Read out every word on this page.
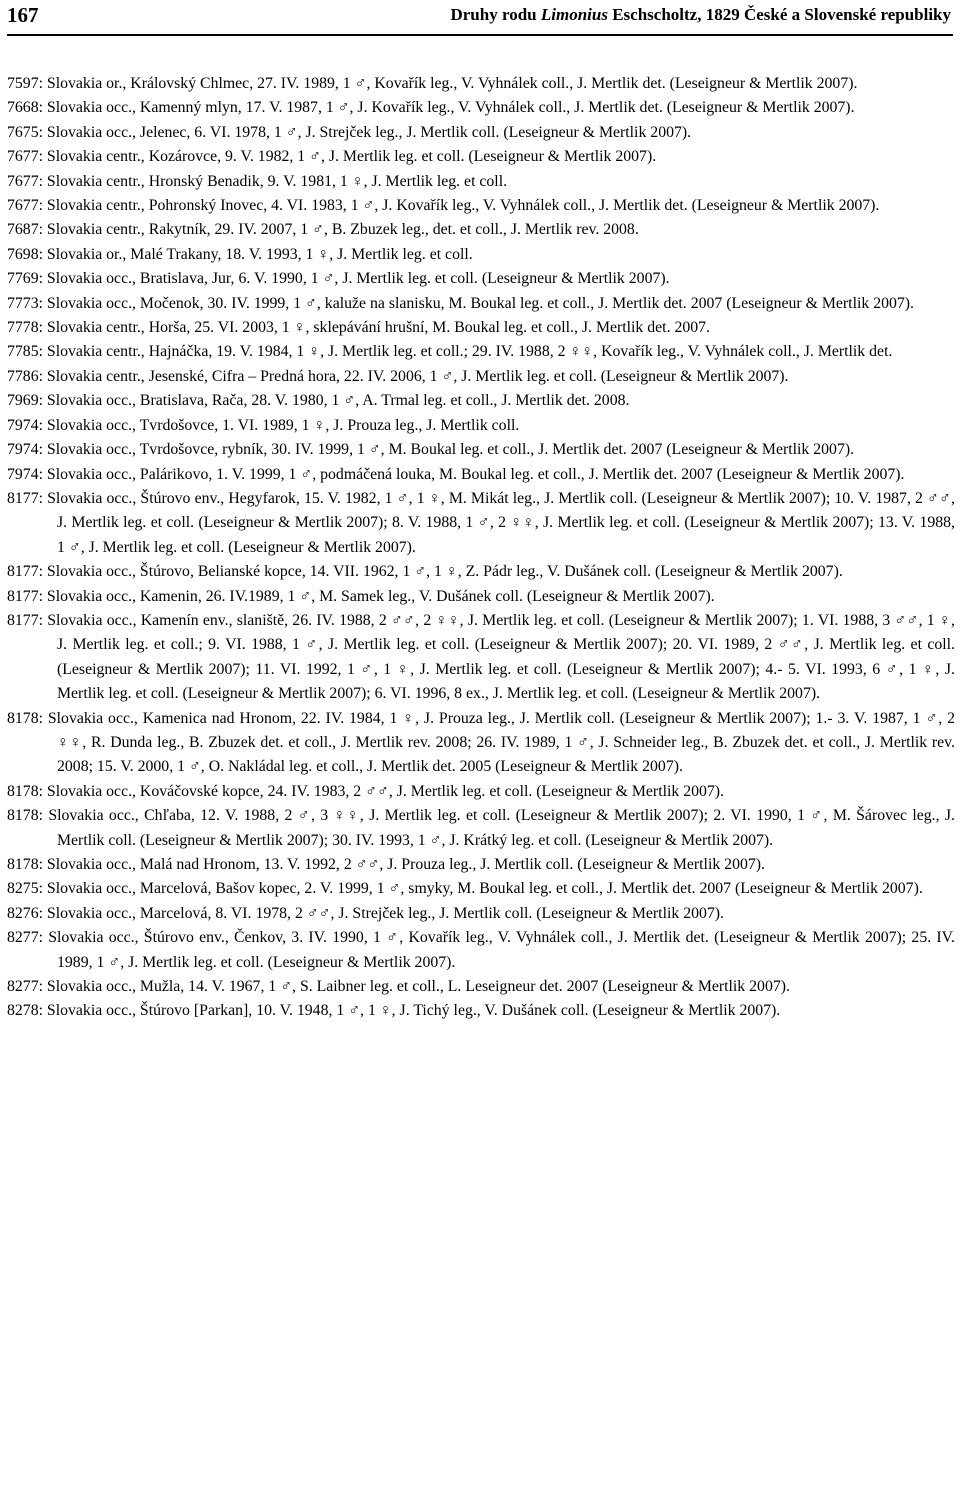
167	Druhy rodu Limonius Eschscholtz, 1829 České a Slovenské republiky

7597: Slovakia or., Královský Chlmec, 27. IV. 1989, 1 ♂, Kovařík leg., V. Vyhnálek coll., J. Mertlik det. (Leseigneur & Mertlik 2007).

7668: Slovakia occ., Kamenný mlyn, 17. V. 1987, 1 ♂, J. Kovařík leg., V. Vyhnálek coll., J. Mertlik det. (Leseigneur & Mertlik 2007).

7675: Slovakia occ., Jelenec, 6. VI. 1978, 1 ♂, J. Strejček leg., J. Mertlik coll. (Leseigneur & Mertlik 2007).

7677: Slovakia centr., Kozárovce, 9. V. 1982, 1 ♂, J. Mertlik leg. et coll. (Leseigneur & Mertlik 2007).

7677: Slovakia centr., Hronský Benadik, 9. V. 1981, 1 ♀, J. Mertlik leg. et coll.

7677: Slovakia centr., Pohronský Inovec, 4. VI. 1983, 1 ♂, J. Kovařík leg., V. Vyhnálek coll., J. Mertlik det. (Leseigneur & Mertlik 2007).

7687: Slovakia centr., Rakytník, 29. IV. 2007, 1 ♂, B. Zbuzek leg., det. et coll., J. Mertlik rev. 2008.

7698: Slovakia or., Malé Trakany, 18. V. 1993, 1 ♀, J. Mertlik leg. et coll.

7769: Slovakia occ., Bratislava, Jur, 6. V. 1990, 1 ♂, J. Mertlik leg. et coll. (Leseigneur & Mertlik 2007).

7773: Slovakia occ., Močenok, 30. IV. 1999, 1 ♂, kaluže na slanisku, M. Boukal leg. et coll., J. Mertlik det. 2007 (Leseigneur & Mertlik 2007).

7778: Slovakia centr., Horša, 25. VI. 2003, 1 ♀, sklepávání hrušní, M. Boukal leg. et coll., J. Mertlik det. 2007.

7785: Slovakia centr., Hajnáčka, 19. V. 1984, 1 ♀, J. Mertlik leg. et coll.; 29. IV. 1988, 2 ♀♀, Kovařík leg., V. Vyhnálek coll., J. Mertlik det.

7786: Slovakia centr., Jesenské, Cifra – Predná hora, 22. IV. 2006, 1 ♂, J. Mertlik leg. et coll. (Leseigneur & Mertlik 2007).

7969: Slovakia occ., Bratislava, Rača, 28. V. 1980, 1 ♂, A. Trmal leg. et coll., J. Mertlik det. 2008.

7974: Slovakia occ., Tvrdošovce, 1. VI. 1989, 1 ♀, J. Prouza leg., J. Mertlik coll.

7974: Slovakia occ., Tvrdošovce, rybník, 30. IV. 1999, 1 ♂, M. Boukal leg. et coll., J. Mertlik det. 2007 (Leseigneur & Mertlik 2007).

7974: Slovakia occ., Palárikovo, 1. V. 1999, 1 ♂, podmáčená louka, M. Boukal leg. et coll., J. Mertlik det. 2007 (Leseigneur & Mertlik 2007).

8177: Slovakia occ., Štúrovo env., Hegyfarok, 15. V. 1982, 1 ♂, 1 ♀, M. Mikát leg., J. Mertlik coll. (Leseigneur & Mertlik 2007); 10. V. 1987, 2 ♂♂, J. Mertlik leg. et coll. (Leseigneur & Mertlik 2007); 8. V. 1988, 1 ♂, 2 ♀♀, J. Mertlik leg. et coll. (Leseigneur & Mertlik 2007); 13. V. 1988, 1 ♂, J. Mertlik leg. et coll. (Leseigneur & Mertlik 2007).

8177: Slovakia occ., Štúrovo, Belianské kopce, 14. VII. 1962, 1 ♂, 1 ♀, Z. Pádr leg., V. Dušánek coll. (Leseigneur & Mertlik 2007).

8177: Slovakia occ., Kamenin, 26. IV.1989, 1 ♂, M. Samek leg., V. Dušánek coll. (Leseigneur & Mertlik 2007).

8177: Slovakia occ., Kamenín env., slaniště, 26. IV. 1988, 2 ♂♂, 2 ♀♀, J. Mertlik leg. et coll. (Leseigneur & Mertlik 2007); 1. VI. 1988, 3 ♂♂, 1 ♀, J. Mertlik leg. et coll.; 9. VI. 1988, 1 ♂, J. Mertlik leg. et coll. (Leseigneur & Mertlik 2007); 20. VI. 1989, 2 ♂♂, J. Mertlik leg. et coll. (Leseigneur & Mertlik 2007); 11. VI. 1992, 1 ♂, 1 ♀, J. Mertlik leg. et coll. (Leseigneur & Mertlik 2007); 4.- 5. VI. 1993, 6 ♂, 1 ♀, J. Mertlik leg. et coll. (Leseigneur & Mertlik 2007); 6. VI. 1996, 8 ex., J. Mertlik leg. et coll. (Leseigneur & Mertlik 2007).

8178: Slovakia occ., Kamenica nad Hronom, 22. IV. 1984, 1 ♀, J. Prouza leg., J. Mertlik coll. (Leseigneur & Mertlik 2007); 1.- 3. V. 1987, 1 ♂, 2 ♀♀, R. Dunda leg., B. Zbuzek det. et coll., J. Mertlik rev. 2008; 26. IV. 1989, 1 ♂, J. Schneider leg., B. Zbuzek det. et coll., J. Mertlik rev. 2008; 15. V. 2000, 1 ♂, O. Nakládal leg. et coll., J. Mertlik det. 2005 (Leseigneur & Mertlik 2007).

8178: Slovakia occ., Kováčovské kopce, 24. IV. 1983, 2 ♂♂, J. Mertlik leg. et coll. (Leseigneur & Mertlik 2007).

8178: Slovakia occ., Chľaba, 12. V. 1988, 2 ♂, 3 ♀♀, J. Mertlik leg. et coll. (Leseigneur & Mertlik 2007); 2. VI. 1990, 1 ♂, M. Šárovec leg., J. Mertlik coll. (Leseigneur & Mertlik 2007); 30. IV. 1993, 1 ♂, J. Krátký leg. et coll. (Leseigneur & Mertlik 2007).

8178: Slovakia occ., Malá nad Hronom, 13. V. 1992, 2 ♂♂, J. Prouza leg., J. Mertlik coll. (Leseigneur & Mertlik 2007).

8275: Slovakia occ., Marcelová, Bašov kopec, 2. V. 1999, 1 ♂, smyky, M. Boukal leg. et coll., J. Mertlik det. 2007 (Leseigneur & Mertlik 2007).

8276: Slovakia occ., Marcelová, 8. VI. 1978, 2 ♂♂, J. Strejček leg., J. Mertlik coll. (Leseigneur & Mertlik 2007).

8277: Slovakia occ., Štúrovo env., Čenkov, 3. IV. 1990, 1 ♂, Kovařík leg., V. Vyhnálek coll., J. Mertlik det. (Leseigneur & Mertlik 2007); 25. IV. 1989, 1 ♂, J. Mertlik leg. et coll. (Leseigneur & Mertlik 2007).

8277: Slovakia occ., Mužla, 14. V. 1967, 1 ♂, S. Laibner leg. et coll., L. Leseigneur det. 2007 (Leseigneur & Mertlik 2007).

8278: Slovakia occ., Štúrovo [Parkan], 10. V. 1948, 1 ♂, 1 ♀, J. Tichý leg., V. Dušánek coll. (Leseigneur & Mertlik 2007).
